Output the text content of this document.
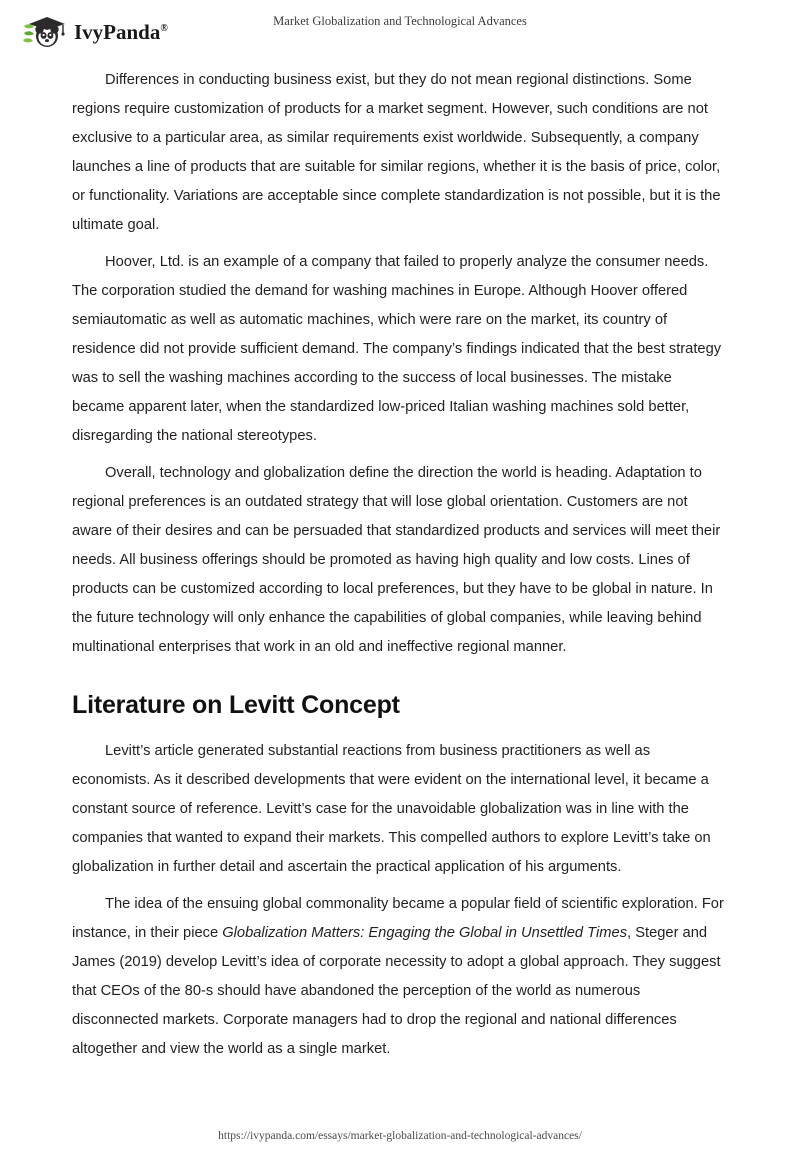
IvyPanda®	Market Globalization and Technological Advances

Differences in conducting business exist, but they do not mean regional distinctions. Some regions require customization of products for a market segment. However, such conditions are not exclusive to a particular area, as similar requirements exist worldwide. Subsequently, a company launches a line of products that are suitable for similar regions, whether it is the basis of price, color, or functionality. Variations are acceptable since complete standardization is not possible, but it is the ultimate goal.

Hoover, Ltd. is an example of a company that failed to properly analyze the consumer needs. The corporation studied the demand for washing machines in Europe. Although Hoover offered semiautomatic as well as automatic machines, which were rare on the market, its country of residence did not provide sufficient demand. The company’s findings indicated that the best strategy was to sell the washing machines according to the success of local businesses. The mistake became apparent later, when the standardized low-priced Italian washing machines sold better, disregarding the national stereotypes.

Overall, technology and globalization define the direction the world is heading. Adaptation to regional preferences is an outdated strategy that will lose global orientation. Customers are not aware of their desires and can be persuaded that standardized products and services will meet their needs. All business offerings should be promoted as having high quality and low costs. Lines of products can be customized according to local preferences, but they have to be global in nature. In the future technology will only enhance the capabilities of global companies, while leaving behind multinational enterprises that work in an old and ineffective regional manner.

Literature on Levitt Concept

Levitt’s article generated substantial reactions from business practitioners as well as economists. As it described developments that were evident on the international level, it became a constant source of reference. Levitt’s case for the unavoidable globalization was in line with the companies that wanted to expand their markets. This compelled authors to explore Levitt’s take on globalization in further detail and ascertain the practical application of his arguments.

The idea of the ensuing global commonality became a popular field of scientific exploration. For instance, in their piece Globalization Matters: Engaging the Global in Unsettled Times, Steger and James (2019) develop Levitt’s idea of corporate necessity to adopt a global approach. They suggest that CEOs of the 80-s should have abandoned the perception of the world as numerous disconnected markets. Corporate managers had to drop the regional and national differences altogether and view the world as a single market.

https://ivypanda.com/essays/market-globalization-and-technological-advances/
